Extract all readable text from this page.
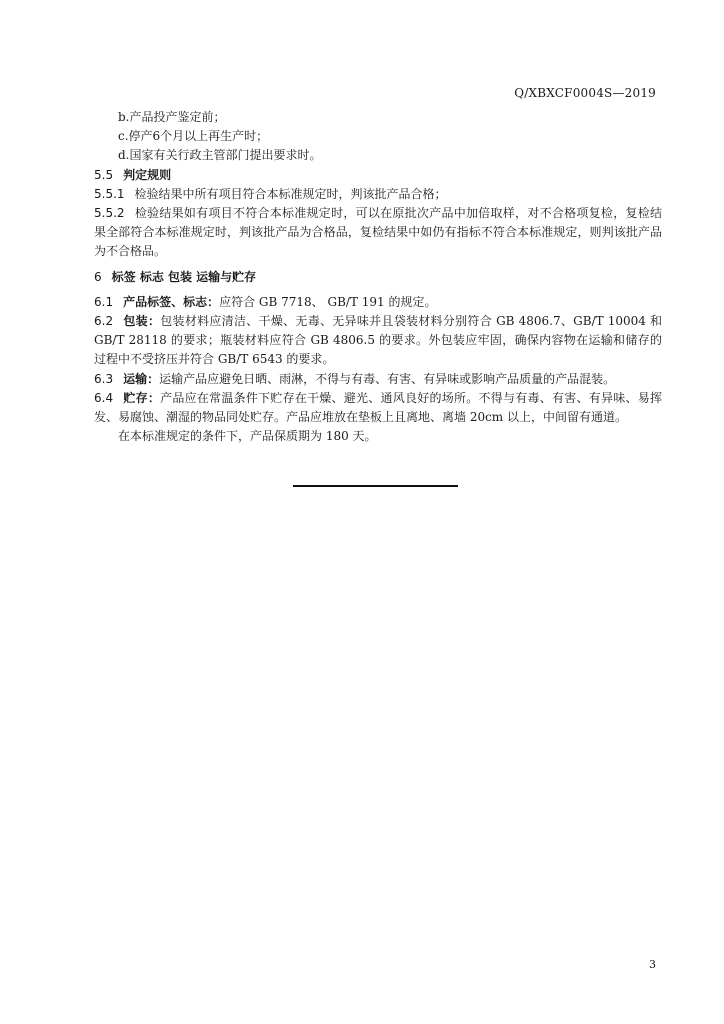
Q/XBXCF0004S—2019
b.产品投产鉴定前；
c.停产6个月以上再生产时；
d.国家有关行政主管部门提出要求时。
5.5 判定规则
5.5.1 检验结果中所有项目符合本标准规定时，判该批产品合格；
5.5.2 检验结果如有项目不符合本标准规定时，可以在原批次产品中加倍取样，对不合格项复检，复检结果全部符合本标准规定时，判该批产品为合格品，复检结果中如仍有指标不符合本标准规定，则判该批产品为不合格品。
6 标签 标志 包装 运输与贮存
6.1 产品标签、标志：应符合 GB 7718、 GB/T 191 的规定。
6.2 包装：包装材料应清洁、干燥、无毒、无异味并且袋装材料分别符合 GB 4806.7、GB/T 10004 和 GB/T 28118 的要求；瓶装材料应符合 GB 4806.5 的要求。外包装应牢固，确保内容物在运输和储存的过程中不受挤压并符合 GB/T 6543 的要求。
6.3 运输：运输产品应避免日晒、雨淋，不得与有毒、有害、有异味或影响产品质量的产品混装。
6.4 贮存：产品应在常温条件下贮存在干燥、避光、通风良好的场所。不得与有毒、有害、有异味、易挥发、易腐蚀、潮湿的物品同处贮存。产品应堆放在垫板上且离地、离墙 20cm 以上，中间留有通道。
在本标准规定的条件下，产品保质期为 180 天。
3
